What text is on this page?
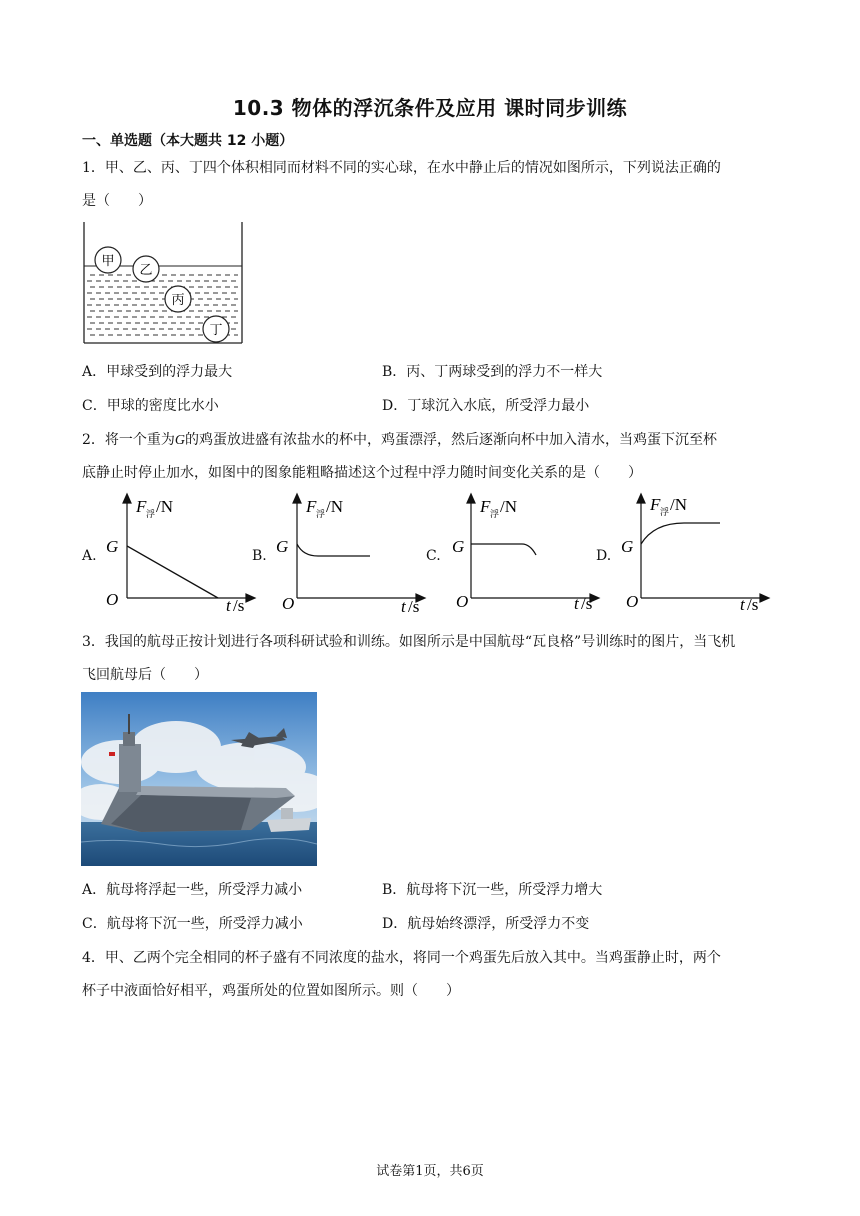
10.3 物体的浮沉条件及应用 课时同步训练
一、单选题（本大题共 12 小题）
1．甲、乙、丙、丁四个体积相同而材料不同的实心球，在水中静止后的情况如图所示，下列说法正确的
是（　　）
甲
乙
丙
丁
A．甲球受到的浮力最大	B．丙、丁两球受到的浮力不一样大
C．甲球的密度比水小	D．丁球沉入水底，所受浮力最小
2．将一个重为G的鸡蛋放进盛有浓盐水的杯中，鸡蛋漂浮，然后逐渐向杯中加入清水，当鸡蛋下沉至杯
底静止时停止加水，如图中的图象能粗略描述这个过程中浮力随时间变化关系的是（　　）
A.
F 浮 /N
G
O	t /s
B.
F 浮 /N
G
O	t /s
C.
F 浮 /N
G
O	t /s
D.
F 浮 /N
G
O	t /s
3．我国的航母正按计划进行各项科研试验和训练。如图所示是中国航母“瓦良格”号训练时的图片，当飞机
飞回航母后（　　）
A．航母将浮起一些，所受浮力减小	B．航母将下沉一些，所受浮力增大
C．航母将下沉一些，所受浮力减小	D．航母始终漂浮，所受浮力不变
4．甲、乙两个完全相同的杯子盛有不同浓度的盐水，将同一个鸡蛋先后放入其中。当鸡蛋静止时，两个
杯子中液面恰好相平，鸡蛋所处的位置如图所示。则（　　）
试卷第1页，共6页
